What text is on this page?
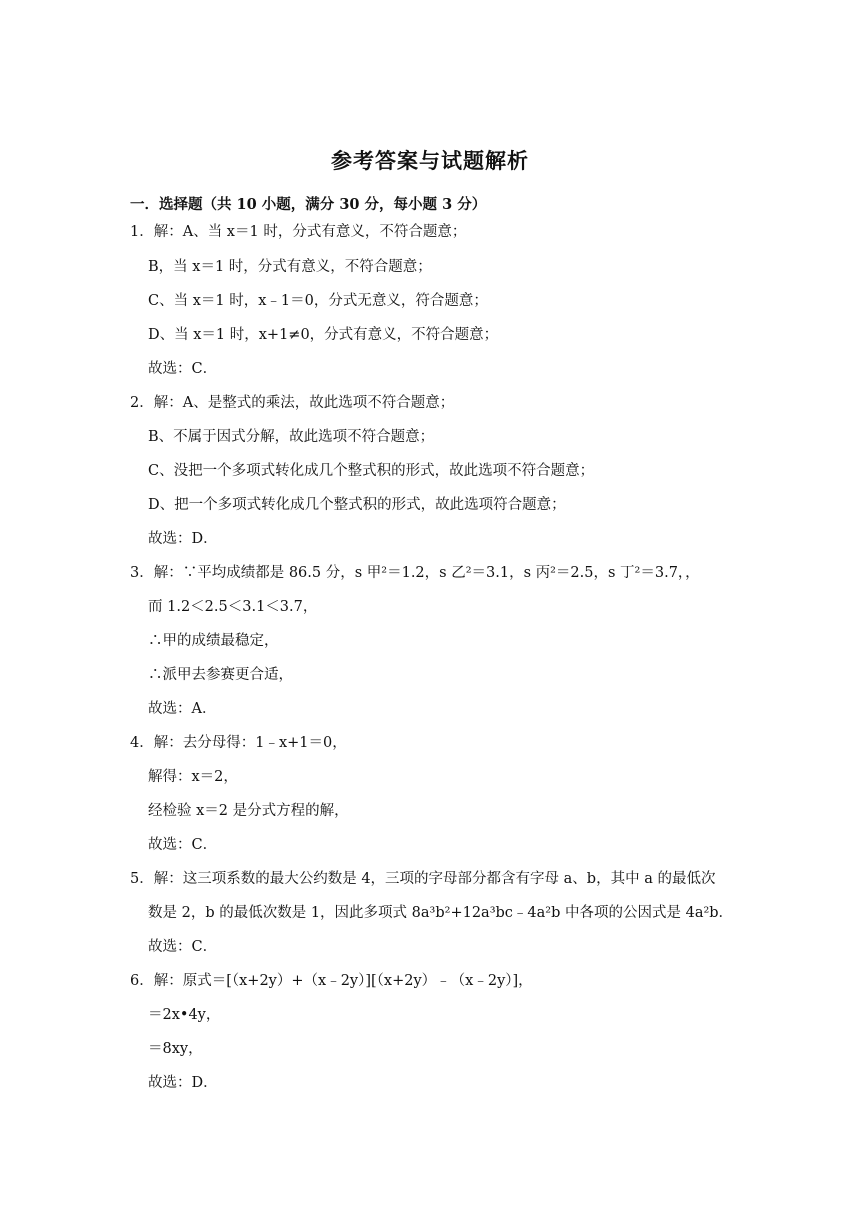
参考答案与试题解析
一．选择题（共 10 小题，满分 30 分，每小题 3 分）
1．解：A、当 x＝1 时，分式有意义，不符合题意；
B，当 x＝1 时，分式有意义，不符合题意；
C、当 x＝1 时，x﹣1＝0，分式无意义，符合题意；
D、当 x＝1 时，x+1≠0，分式有意义，不符合题意；
故选：C．
2．解：A、是整式的乘法，故此选项不符合题意；
B、不属于因式分解，故此选项不符合题意；
C、没把一个多项式转化成几个整式积的形式，故此选项不符合题意；
D、把一个多项式转化成几个整式积的形式，故此选项符合题意；
故选：D．
3．解：∵平均成绩都是 86.5 分，s 甲²＝1.2，s 乙²＝3.1，s 丙²＝2.5，s 丁²＝3.7，，
而 1.2＜2.5＜3.1＜3.7，
∴甲的成绩最稳定，
∴派甲去参赛更合适，
故选：A．
4．解：去分母得：1﹣x+1＝0，
解得：x＝2，
经检验 x＝2 是分式方程的解，
故选：C．
5．解：这三项系数的最大公约数是 4，三项的字母部分都含有字母 a、b，其中 a 的最低次
数是 2，b 的最低次数是 1，因此多项式 8a³b²+12a³bc﹣4a²b 中各项的公因式是 4a²b．
故选：C．
6．解：原式＝[（x+2y）+（x﹣2y）][（x+2y）﹣（x﹣2y）]，
＝2x•4y，
＝8xy，
故选：D．
